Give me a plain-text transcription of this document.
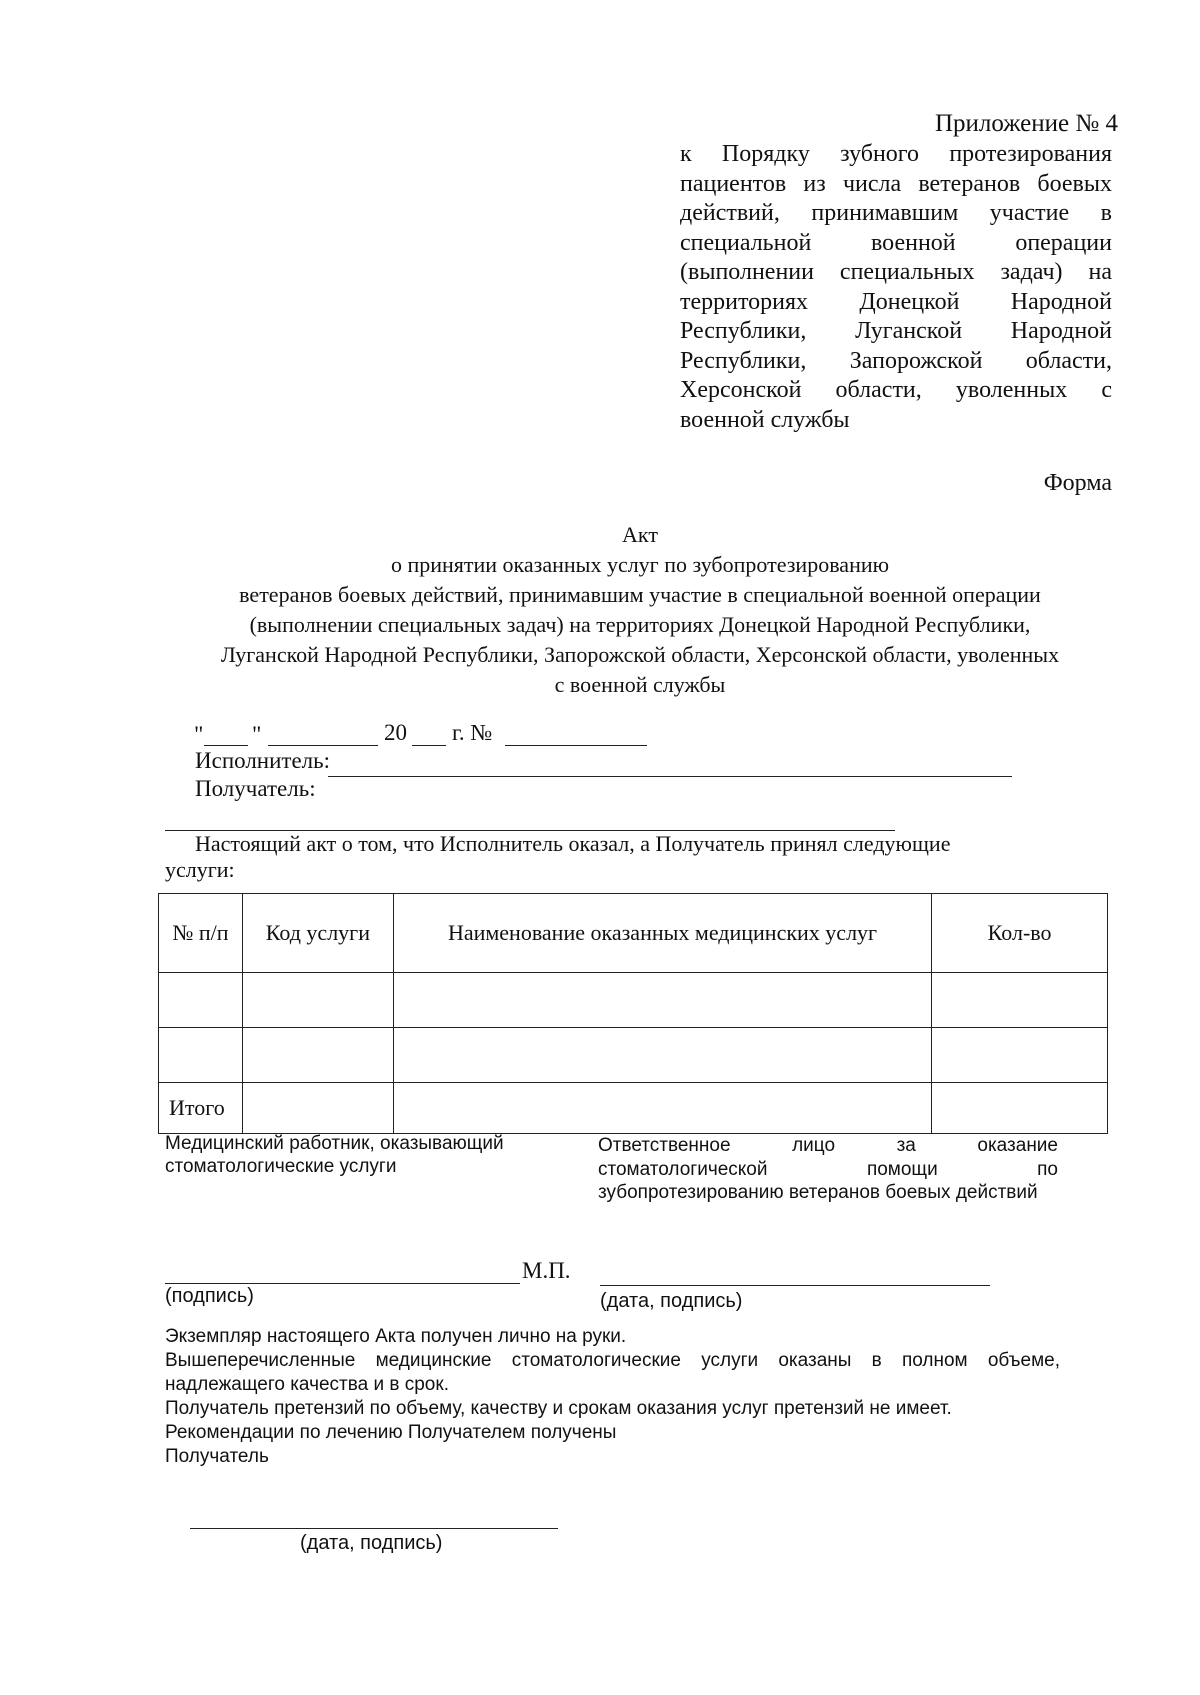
Приложение № 4
к Порядку зубного протезирования пациентов из числа ветеранов боевых действий, принимавшим участие в специальной военной операции (выполнении специальных задач) на территориях Донецкой Народной Республики, Луганской Народной Республики, Запорожской области, Херсонской области, уволенных с военной службы
Форма
Акт
о принятии оказанных услуг по зубопротезированию
ветеранов боевых действий, принимавшим участие в специальной военной операции
(выполнении специальных задач) на территориях Донецкой Народной Республики,
Луганской Народной Республики, Запорожской области, Херсонской области, уволенных
с военной службы
" "	20 г. №
Исполнитель:
Получатель:
Настоящий акт о том, что Исполнитель оказал, а Получатель принял следующие
услуги:
№ п/п	Код услуги	Наименование оказанных медицинских услуг	Кол-во

Итого			
Медицинский работник, оказывающий стоматологические услуги
Ответственное лицо за оказание стоматологической помощи по зубопротезированию ветеранов боевых действий
М.П.
(подпись)	(дата, подпись)

Экземпляр настоящего Акта получен лично на руки.

Вышеперечисленные медицинские стоматологические услуги оказаны в полном объеме, надлежащего качества и в срок.

Получатель претензий по объему, качеству и срокам оказания услуг претензий не имеет.

Рекомендации по лечению Получателем получены

Получатель

(дата, подпись)
